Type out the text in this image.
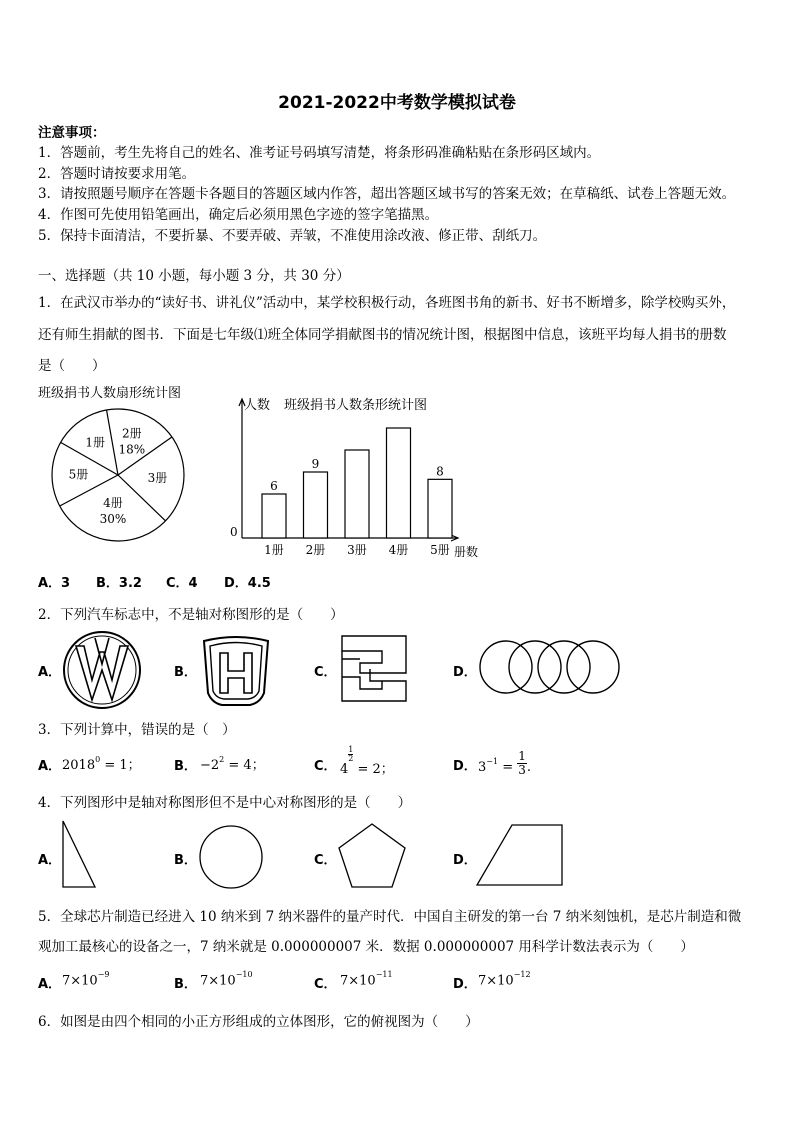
2021-2022中考数学模拟试卷
注意事项：
1．答题前，考生先将自己的姓名、准考证号码填写清楚，将条形码准确粘贴在条形码区域内。
2．答题时请按要求用笔。
3．请按照题号顺序在答题卡各题目的答题区域内作答，超出答题区域书写的答案无效；在草稿纸、试卷上答题无效。
4．作图可先使用铅笔画出，确定后必须用黑色字迹的签字笔描黑。
5．保持卡面清洁，不要折暴、不要弄破、弄皱，不准使用涂改液、修正带、刮纸刀。
一、选择题（共 10 小题，每小题 3 分，共 30 分）
1．在武汉市举办的“读好书、讲礼仪”活动中，某学校积极行动，各班图书角的新书、好书不断增多，除学校购买外，
还有师生捐献的图书．下面是七年级⑴班全体同学捐献图书的情况统计图，根据图中信息，该班平均每人捐书的册数
是（　　）
班级捐书人数扇形统计图
2册
18%
3册
4册
30%
5册
1册
人数 班级捐书人数条形统计图
0
册数
6
1册
9
2册 3册 4册
8
5册
A．3 B．3.2 C．4 D．4.5
2．下列汽车标志中，不是轴对称图形的是（　　）
A．	B．	C．	D．
3．下列计算中，错误的是（　）
A． $2018^0 = 1$；	B． $-2^2 = 4$；	C． 4
$\frac{1}{2}$
= 2；	D． $3^{-1} = \frac{1}{3}$ .
4．下列图形中是轴对称图形但不是中心对称图形的是（　　）
A．	B．	C．	D．
5．全球芯片制造已经进入 10 纳米到 7 纳米器件的量产时代．中国自主研发的第一台 7 纳米刻蚀机，是芯片制造和微
观加工最核心的设备之一，7 纳米就是 0.000000007 米．数据 0.000000007 用科学计数法表示为（　　）
A． $7\times 10^{-9}$
B． $7\times 10^{-10}$
C． $7\times 10^{-11}$
D． $7\times 10^{-12}$
6．如图是由四个相同的小正方形组成的立体图形，它的俯视图为（　　）
